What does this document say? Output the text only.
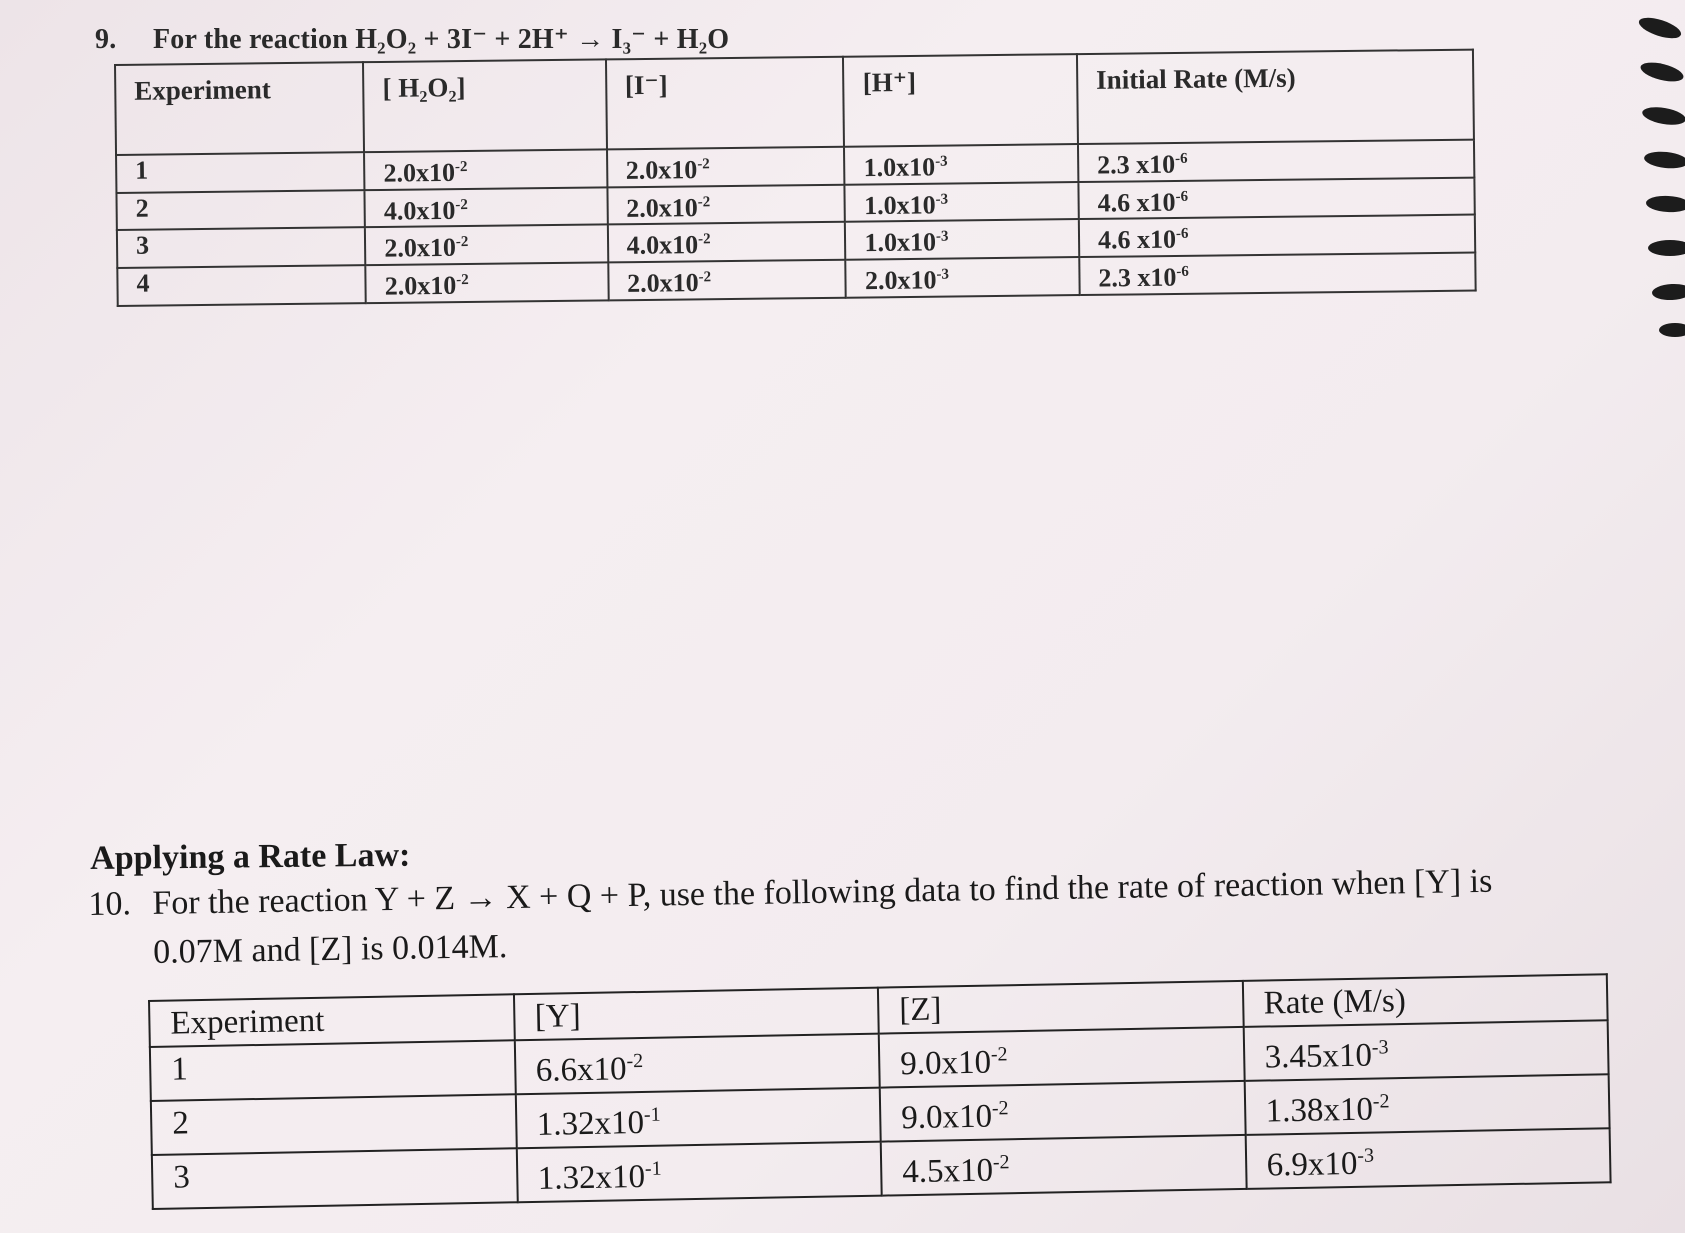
9. For the reaction H₂O₂ + 3I⁻ + 2H⁺ → I₃⁻ + H₂O
Experiment	[ H₂O₂]	[I⁻]	[H⁺]	Initial Rate (M/s)
1	$2.0x10^{-2}$	$2.0x10^{-2}$	$1.0x10^{-3}$	2.3 $x10^{-6}$
2	$4.0x10^{-2}$	$2.0x10^{-2}$	$1.0x10^{-3}$	4.6 $x10^{-6}$
3	$2.0x10^{-2}$	$4.0x10^{-2}$	$1.0x10^{-3}$	4.6 $x10^{-6}$
4	$2.0x10^{-2}$	$2.0x10^{-2}$	$2.0x10^{-3}$	2.3 $x10^{-6}$
Applying a Rate Law:
10. For the reaction Y + Z → X + Q + P, use the following data to find the rate of reaction when [Y] is
0.07M and [Z] is 0.014M.
Experiment	[Y]	[Z]	Rate (M/s)
1	$6.6x10^{-2}$	$9.0x10^{-2}$	$3.45x10^{-3}$
2	$1.32x10^{-1}$	$9.0x10^{-2}$	$1.38x10^{-2}$
3	$1.32x10^{-1}$	$4.5x10^{-2}$	$6.9x10^{-3}$
